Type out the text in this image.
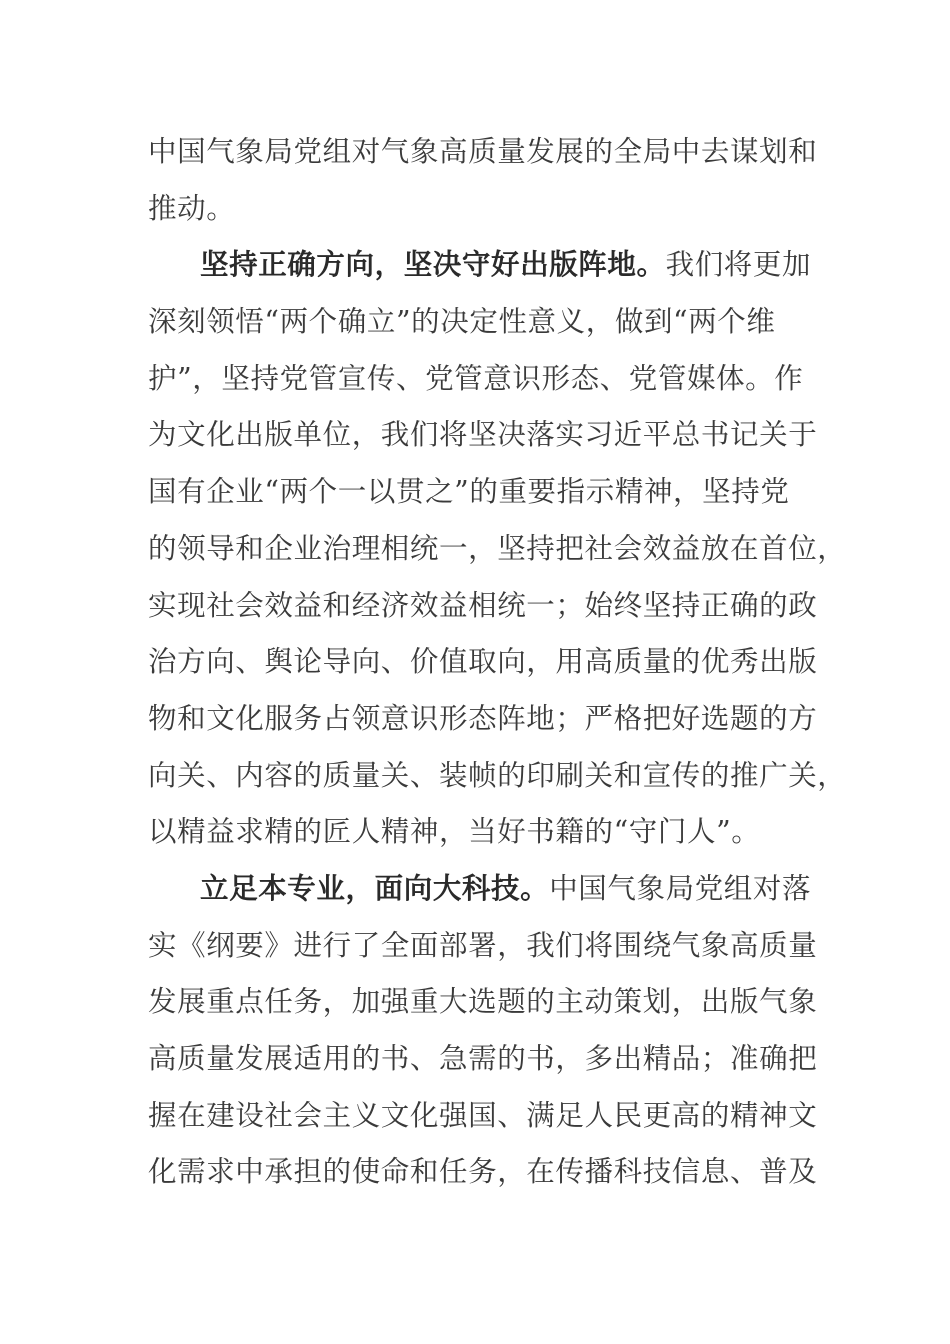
中国气象局党组对气象高质量发展的全局中去谋划和
推动。
坚持正确方向，坚决守好出版阵地。我们将更加
深刻领悟“两个确立”的决定性意义，做到“两个维
护”，坚持党管宣传、党管意识形态、党管媒体。作
为文化出版单位，我们将坚决落实习近平总书记关于
国有企业“两个一以贯之”的重要指示精神，坚持党
的领导和企业治理相统一，坚持把社会效益放在首位，
实现社会效益和经济效益相统一；始终坚持正确的政
治方向、舆论导向、价值取向，用高质量的优秀出版
物和文化服务占领意识形态阵地；严格把好选题的方
向关、内容的质量关、装帧的印刷关和宣传的推广关，
以精益求精的匠人精神，当好书籍的“守门人”。
立足本专业，面向大科技。中国气象局党组对落
实《纲要》进行了全面部署，我们将围绕气象高质量
发展重点任务，加强重大选题的主动策划，出版气象
高质量发展适用的书、急需的书，多出精品；准确把
握在建设社会主义文化强国、满足人民更高的精神文
化需求中承担的使命和任务，在传播科技信息、普及
